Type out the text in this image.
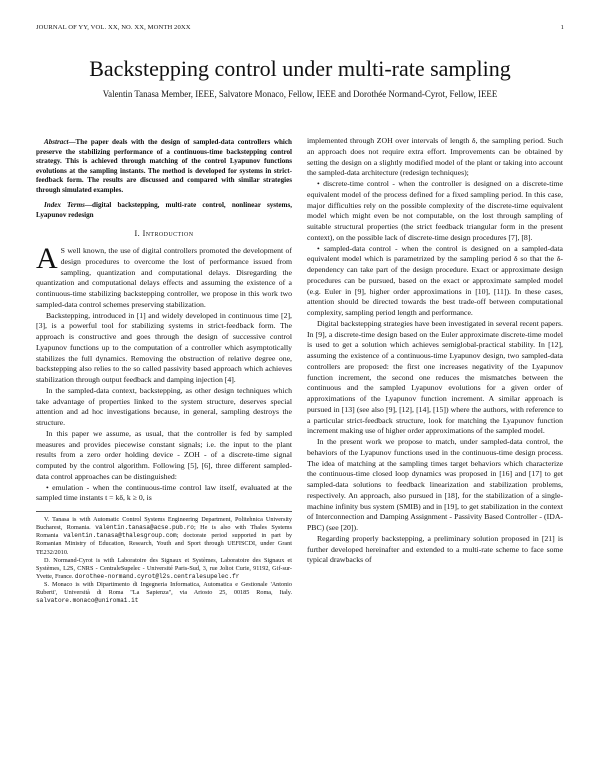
JOURNAL OF YY, VOL. XX, NO. XX, MONTH 20XX	1
Backstepping control under multi-rate sampling
Valentin Tanasa Member, IEEE, Salvatore Monaco, Fellow, IEEE and Dorothée Normand-Cyrot, Fellow, IEEE

Abstract—The paper deals with the design of sampled-data controllers which preserve the stabilizing performance of a continuous-time backstepping control strategy. This is achieved through matching of the control Lyapunov functions evolutions at the sampling instants. The method is developed for systems in strict-feedback form. The results are discussed and compared with similar strategies through simulated examples.

Index Terms—digital backstepping, multi-rate control, nonlinear systems, Lyapunov redesign

I. Introduction

A S well known, the use of digital controllers promoted the development of design procedures to overcome the lost of performance issued from sampling, quantization and computational delays. Disregarding the quantization and computational delays effects and assuming the existence of a continuous-time stabilizing backstepping controller, we propose in this work two sampled-data control schemes preserving stabilization.

Backstepping, introduced in [1] and widely developed in continuous time [2], [3], is a powerful tool for stabilizing systems in strict-feedback form. The approach is constructive and goes through the design of successive control Lyapunov functions up to the computation of a controller which asymptotically stabilizes the full dynamics. Removing the obstruction of relative degree one, backstepping also relies to the so called passivity based approach which achieves stabilization through output feedback and damping injection [4].

In the sampled-data context, backstepping, as other design techniques which take advantage of properties linked to the system structure, deserves special attention and ad hoc investigations because, in general, sampling destroys the structure.

In this paper we assume, as usual, that the controller is fed by sampled measures and provides piecewise constant signals; i.e. the input to the plant results from a zero order holding device - ZOH - of a discrete-time signal computed by the control algorithm. Following [5], [6], three different sampled-data control approaches can be distinguished:

• emulation - when the continuous-time control law itself, evaluated at the sampled time instants t = kδ, k ≥ 0, is

V. Tanasa is with Automatic Control Systems Engineering Department, Politehnica University Bucharest, Romania. valentin.tanasa@acse.pub.ro; He is also with Thales Systems Romania valentin.tanasa@thalesgroup.com; doctorate period supported in part by Romanian Ministry of Education, Research, Youth and Sport through UEFISCDI, under Grant TE232/2010.

D. Normand-Cyrot is with Laboratoire des Signaux et Systèmes, Laboratoire des Signaux et Systèmes, L2S, CNRS - CentraleSupelec - Université Paris-Sud, 3, rue Joliot Curie, 91192, Gif-sur-Yvette, France. dorothee-normand.cyrot@l2s.centralesupelec.fr

S. Monaco is with Dipartimento di Ingegneria Informatica, Automatica e Gestionale 'Antonio Ruberti', Università di Roma "La Sapienza", via Ariosto 25, 00185 Roma, Italy. salvatore.monaco@uniroma1.it

implemented through ZOH over intervals of length δ, the sampling period. Such an approach does not require extra effort. Improvements can be obtained by setting the design on a slightly modified model of the plant or taking into account the sampled-data architecture (redesign techniques);

• discrete-time control - when the controller is designed on a discrete-time equivalent model of the process defined for a fixed sampling period. In this case, major difficulties rely on the possible complexity of the discrete-time equivalent model which might even be not computable, on the lost through sampling of suitable structural properties (the strict feedback triangular form in the present context), on the possible lack of discrete-time design procedures [7], [8].

• sampled-data control - when the control is designed on a sampled-data equivalent model which is parametrized by the sampling period δ so that the δ-dependency can take part of the design procedure. Exact or approximate design procedures can be pursued, based on the exact or approximate sampled model (e.g. Euler in [9], higher order approximations in [10], [11]). In these cases, attention should be directed towards the best trade-off between computational complexity, sampling period length and performance.

Digital backstepping strategies have been investigated in several recent papers. In [9], a discrete-time design based on the Euler approximate discrete-time model is used to get a solution which achieves semiglobal-practical stability. In [12], assuming the existence of a continuous-time Lyapunov design, two sampled-data controllers are proposed: the first one increases negativity of the Lyapunov function increment, the second one reduces the mismatches between the continuous and the sampled Lyapunov evolutions for a given order of approximations of the Lyapunov function increment. A similar approach is pursued in [13] (see also [9], [12], [14], [15]) where the authors, with reference to a particular strict-feedback structure, look for matching the Lyapunov function increment making use of higher order approximations of the sampled model.

In the present work we propose to match, under sampled-data control, the behaviors of the Lyapunov functions used in the continuous-time design process. The idea of matching at the sampling times target behaviors which characterize the continuous-time closed loop dynamics was proposed in [16] and [17] to get sampled-data solutions to feedback linearization and stabilization problems, respectively. An approach, also pursued in [18], for the stabilization of a single-machine infinity bus system (SMIB) and in [19], to get stabilization in the context of Interconnection and Damping Assignment - Passivity Based Controller - (IDA-PBC) (see [20]).

Regarding properly backstepping, a preliminary solution proposed in [21] is further developed hereinafter and extended to a multi-rate scheme to face some typical drawbacks of
